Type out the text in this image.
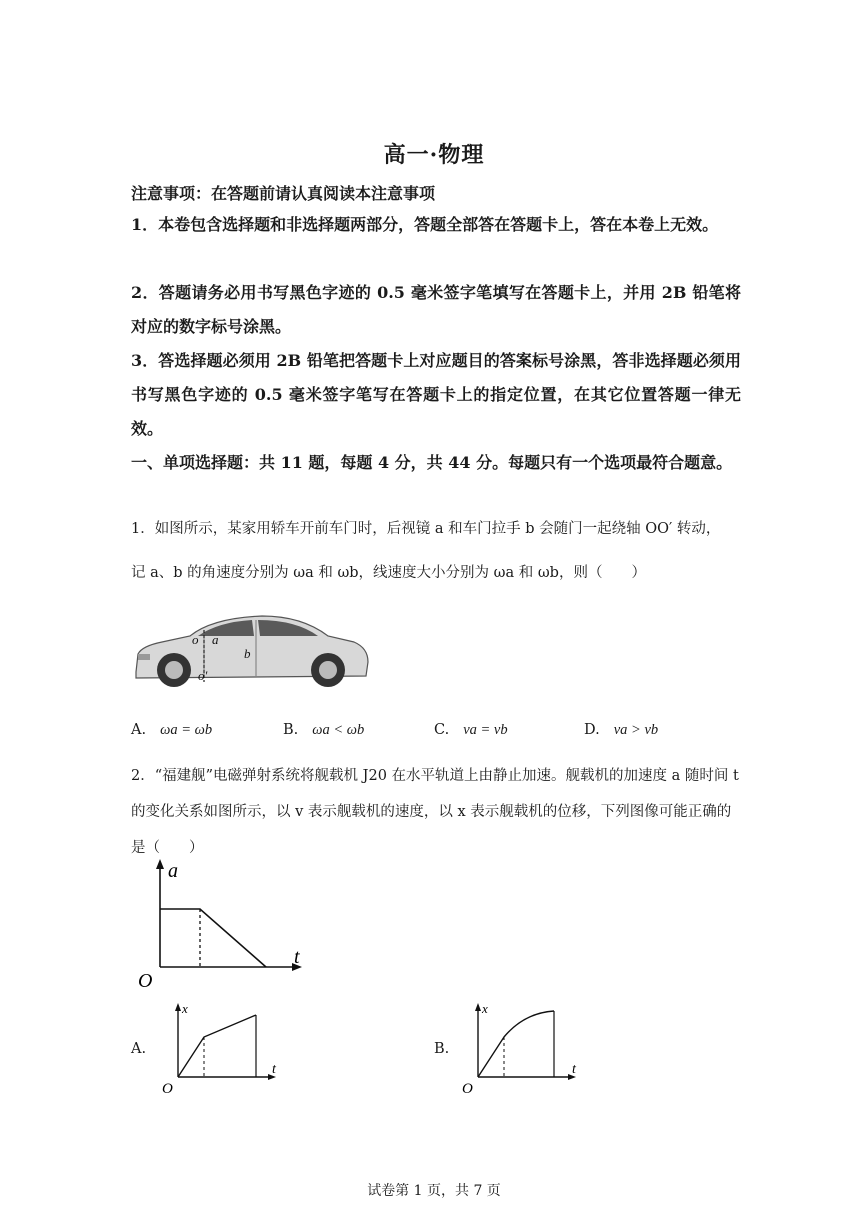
高一·物理
注意事项：在答题前请认真阅读本注意事项
1．本卷包含选择题和非选择题两部分，答题全部答在答题卡上，答在本卷上无效。
2．答题请务必用书写黑色字迹的 0.5 毫米签字笔填写在答题卡上，并用 2B 铅笔将对应的数字标号涂黑。
3．答选择题必须用 2B 铅笔把答题卡上对应题目的答案标号涂黑，答非选择题必须用书写黑色字迹的 0.5 毫米签字笔写在答题卡上的指定位置，在其它位置答题一律无效。
一、单项选择题：共 11 题，每题 4 分，共 44 分。每题只有一个选项最符合题意。
1．如图所示，某家用轿车开前车门时，后视镜 a 和车门拉手 b 会随门一起绕轴 OO′ 转动，
记 a、b 的角速度分别为 ωa 和 ωb，线速度大小分别为 ωa 和 ωb，则（　　）
o a
b
o′
A. ωa = ωb	B. ωa < ωb	C. va = vb	D. va > vb
2．“福建舰”电磁弹射系统将舰载机 J20 在水平轨道上由静止加速。舰载机的加速度 a 随时间 t 的变化关系如图所示，以 v 表示舰载机的速度，以 x 表示舰载机的位移，下列图像可能正确的是（　　）
a
t
O
A.
x
t
O
B.
x
t
O
试卷第 1 页，共 7 页
